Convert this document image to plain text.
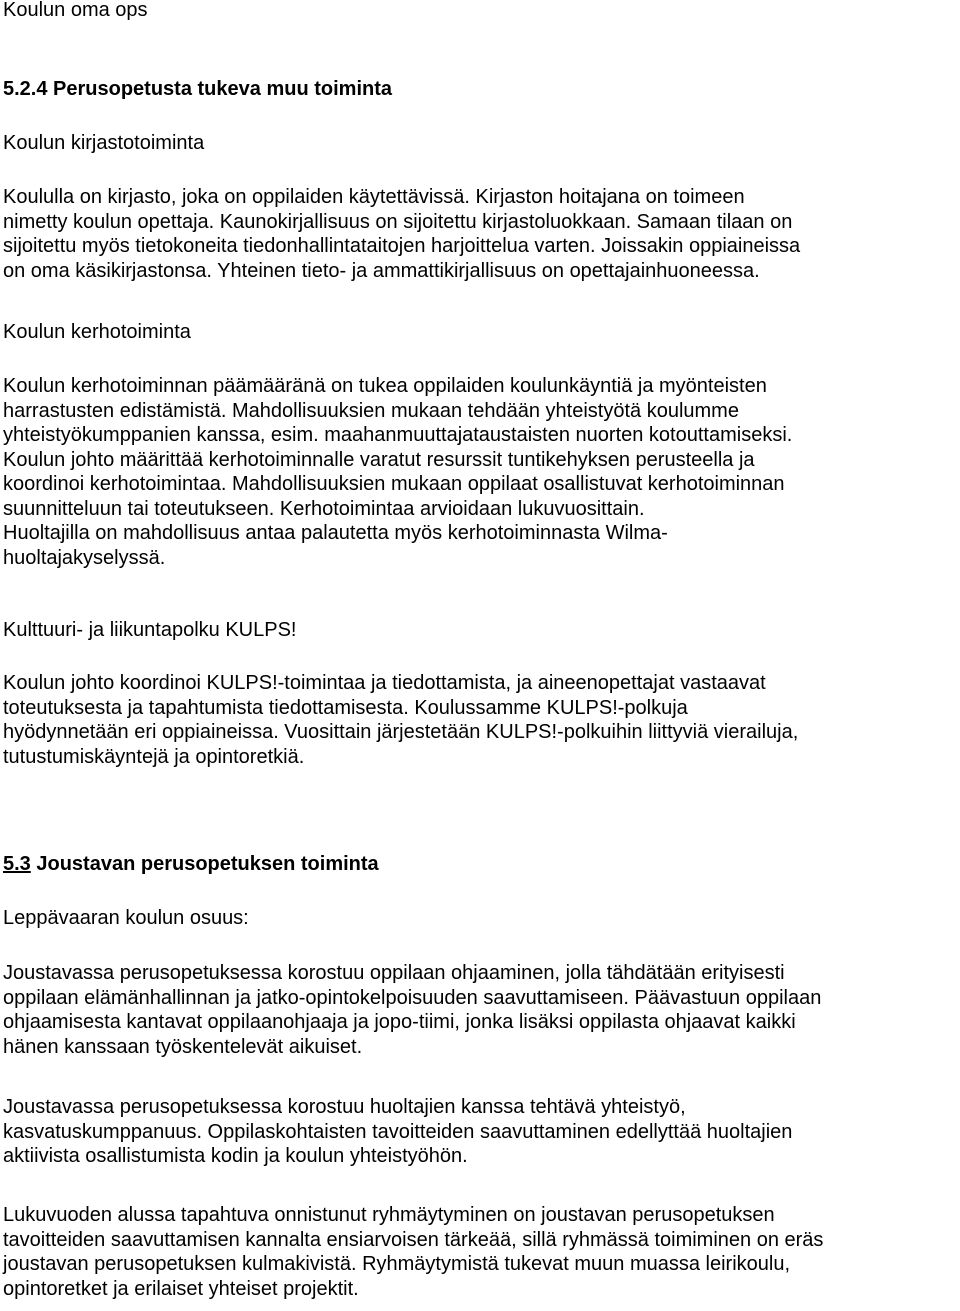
Koulun oma ops
5.2.4 Perusopetusta tukeva muu toiminta
Koulun kirjastotoiminta
Koululla on kirjasto, joka on oppilaiden käytettävissä. Kirjaston hoitajana on toimeen
nimetty koulun opettaja. Kaunokirjallisuus on sijoitettu kirjastoluokkaan. Samaan tilaan on
sijoitettu myös tietokoneita tiedonhallintataitojen harjoittelua varten. Joissakin oppiaineissa
on oma käsikirjastonsa. Yhteinen tieto- ja ammattikirjallisuus on opettajainhuoneessa.
Koulun kerhotoiminta
Koulun kerhotoiminnan päämääränä on tukea oppilaiden koulunkäyntiä ja myönteisten
harrastusten edistämistä. Mahdollisuuksien mukaan tehdään yhteistyötä koulumme
yhteistyökumppanien kanssa, esim. maahanmuuttajataustaisten nuorten kotouttamiseksi.
Koulun johto määrittää kerhotoiminnalle varatut resurssit tuntikehyksen perusteella ja
koordinoi kerhotoimintaa. Mahdollisuuksien mukaan oppilaat osallistuvat kerhotoiminnan
suunnitteluun tai toteutukseen. Kerhotoimintaa arvioidaan lukuvuosittain.
Huoltajilla on mahdollisuus antaa palautetta myös kerhotoiminnasta Wilma-
huoltajakyselyssä.
Kulttuuri- ja liikuntapolku KULPS!
Koulun johto koordinoi KULPS!-toimintaa ja tiedottamista, ja aineenopettajat vastaavat
toteutuksesta ja tapahtumista tiedottamisesta. Koulussamme KULPS!-polkuja
hyödynnetään eri oppiaineissa. Vuosittain järjestetään KULPS!-polkuihin liittyviä vierailuja,
tutustumiskäyntejä ja opintoretkiä.
5.3 Joustavan perusopetuksen toiminta
Leppävaaran koulun osuus:
Joustavassa perusopetuksessa korostuu oppilaan ohjaaminen, jolla tähdätään erityisesti
oppilaan elämänhallinnan ja jatko-opintokelpoisuuden saavuttamiseen. Päävastuun oppilaan
ohjaamisesta kantavat oppilaanohjaaja ja jopo-tiimi, jonka lisäksi oppilasta ohjaavat kaikki
hänen kanssaan työskentelevät aikuiset.
Joustavassa perusopetuksessa korostuu huoltajien kanssa tehtävä yhteistyö,
kasvatuskumppanuus. Oppilaskohtaisten tavoitteiden saavuttaminen edellyttää huoltajien
aktiivista osallistumista kodin ja koulun yhteistyöhön.
Lukuvuoden alussa tapahtuva onnistunut ryhmäytyminen on joustavan perusopetuksen
tavoitteiden saavuttamisen kannalta ensiarvoisen tärkeää, sillä ryhmässä toimiminen on eräs
joustavan perusopetuksen kulmakivistä. Ryhmäytymistä tukevat muun muassa leirikoulu,
opintoretket ja erilaiset yhteiset projektit.
